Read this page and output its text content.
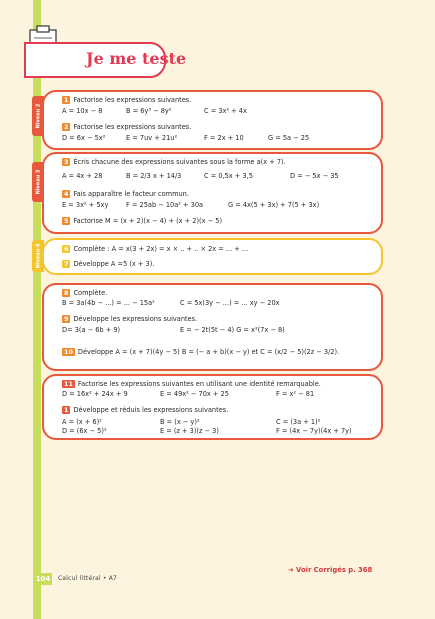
Je me teste
Niveau 2
1 Factorise les expressions suivantes.
A = 10x − 8	B = 6y³ − 8y²	C = 3x² + 4x
2 Factorise les expressions suivantes.
D = 6x − 5x²	E = 7uv + 21u²	F = 2x + 10	G = 5a − 25
Niveau 3
3 Écris chacune des expressions suivantes sous la forme a(x + 7).
A = 4x + 28	B = 2/3 x + 14/3	C = 0,5x + 3,5	D = − 5x − 35
4 Fais apparaître le facteur commun.
E = 3x² + 5xy	F = 25ab − 10a² + 30a	G = 4x(5 + 3x) + 7(5 + 3x)
5 Factorise M = (x + 2)(x − 4) + (x + 2)(x − 5)
Niveau 4	6 Complète : A = x(3 + 2x) = x × .. + .. × 2x = ... + ...
7 Développe A =5 (x + 3).
8 Complète.
B = 3a(4b − ...) = ... − 15a²	C = 5x(3y − ...) = ... xy − 20x
9 Développe les expressions suivantes.
D= 3(a − 6b + 9)	E = − 2t(5t − 4) G = x²(7x − 8)
10 Développe A = (x + 7)(4y − 5) B = (− a + b)(x − y) et C = (x/2 − 5)(2z − 3/2).
11 Factorise les expressions suivantes en utilisant une identité remarquable.
D = 16x² + 24x + 9	E = 49x² − 70x + 25	F = x² − 81
1 Développe et réduis les expressions suivantes.
A = (x + 6)²	B = (x − y)²	C = (3a + 1)²
D = (6x − 5)²	E = (z + 3)(z − 3)	F = (4x − 7y)(4x + 7y)
➔ Voir Corrigés p. 368
104 Calcul littéral • A7
